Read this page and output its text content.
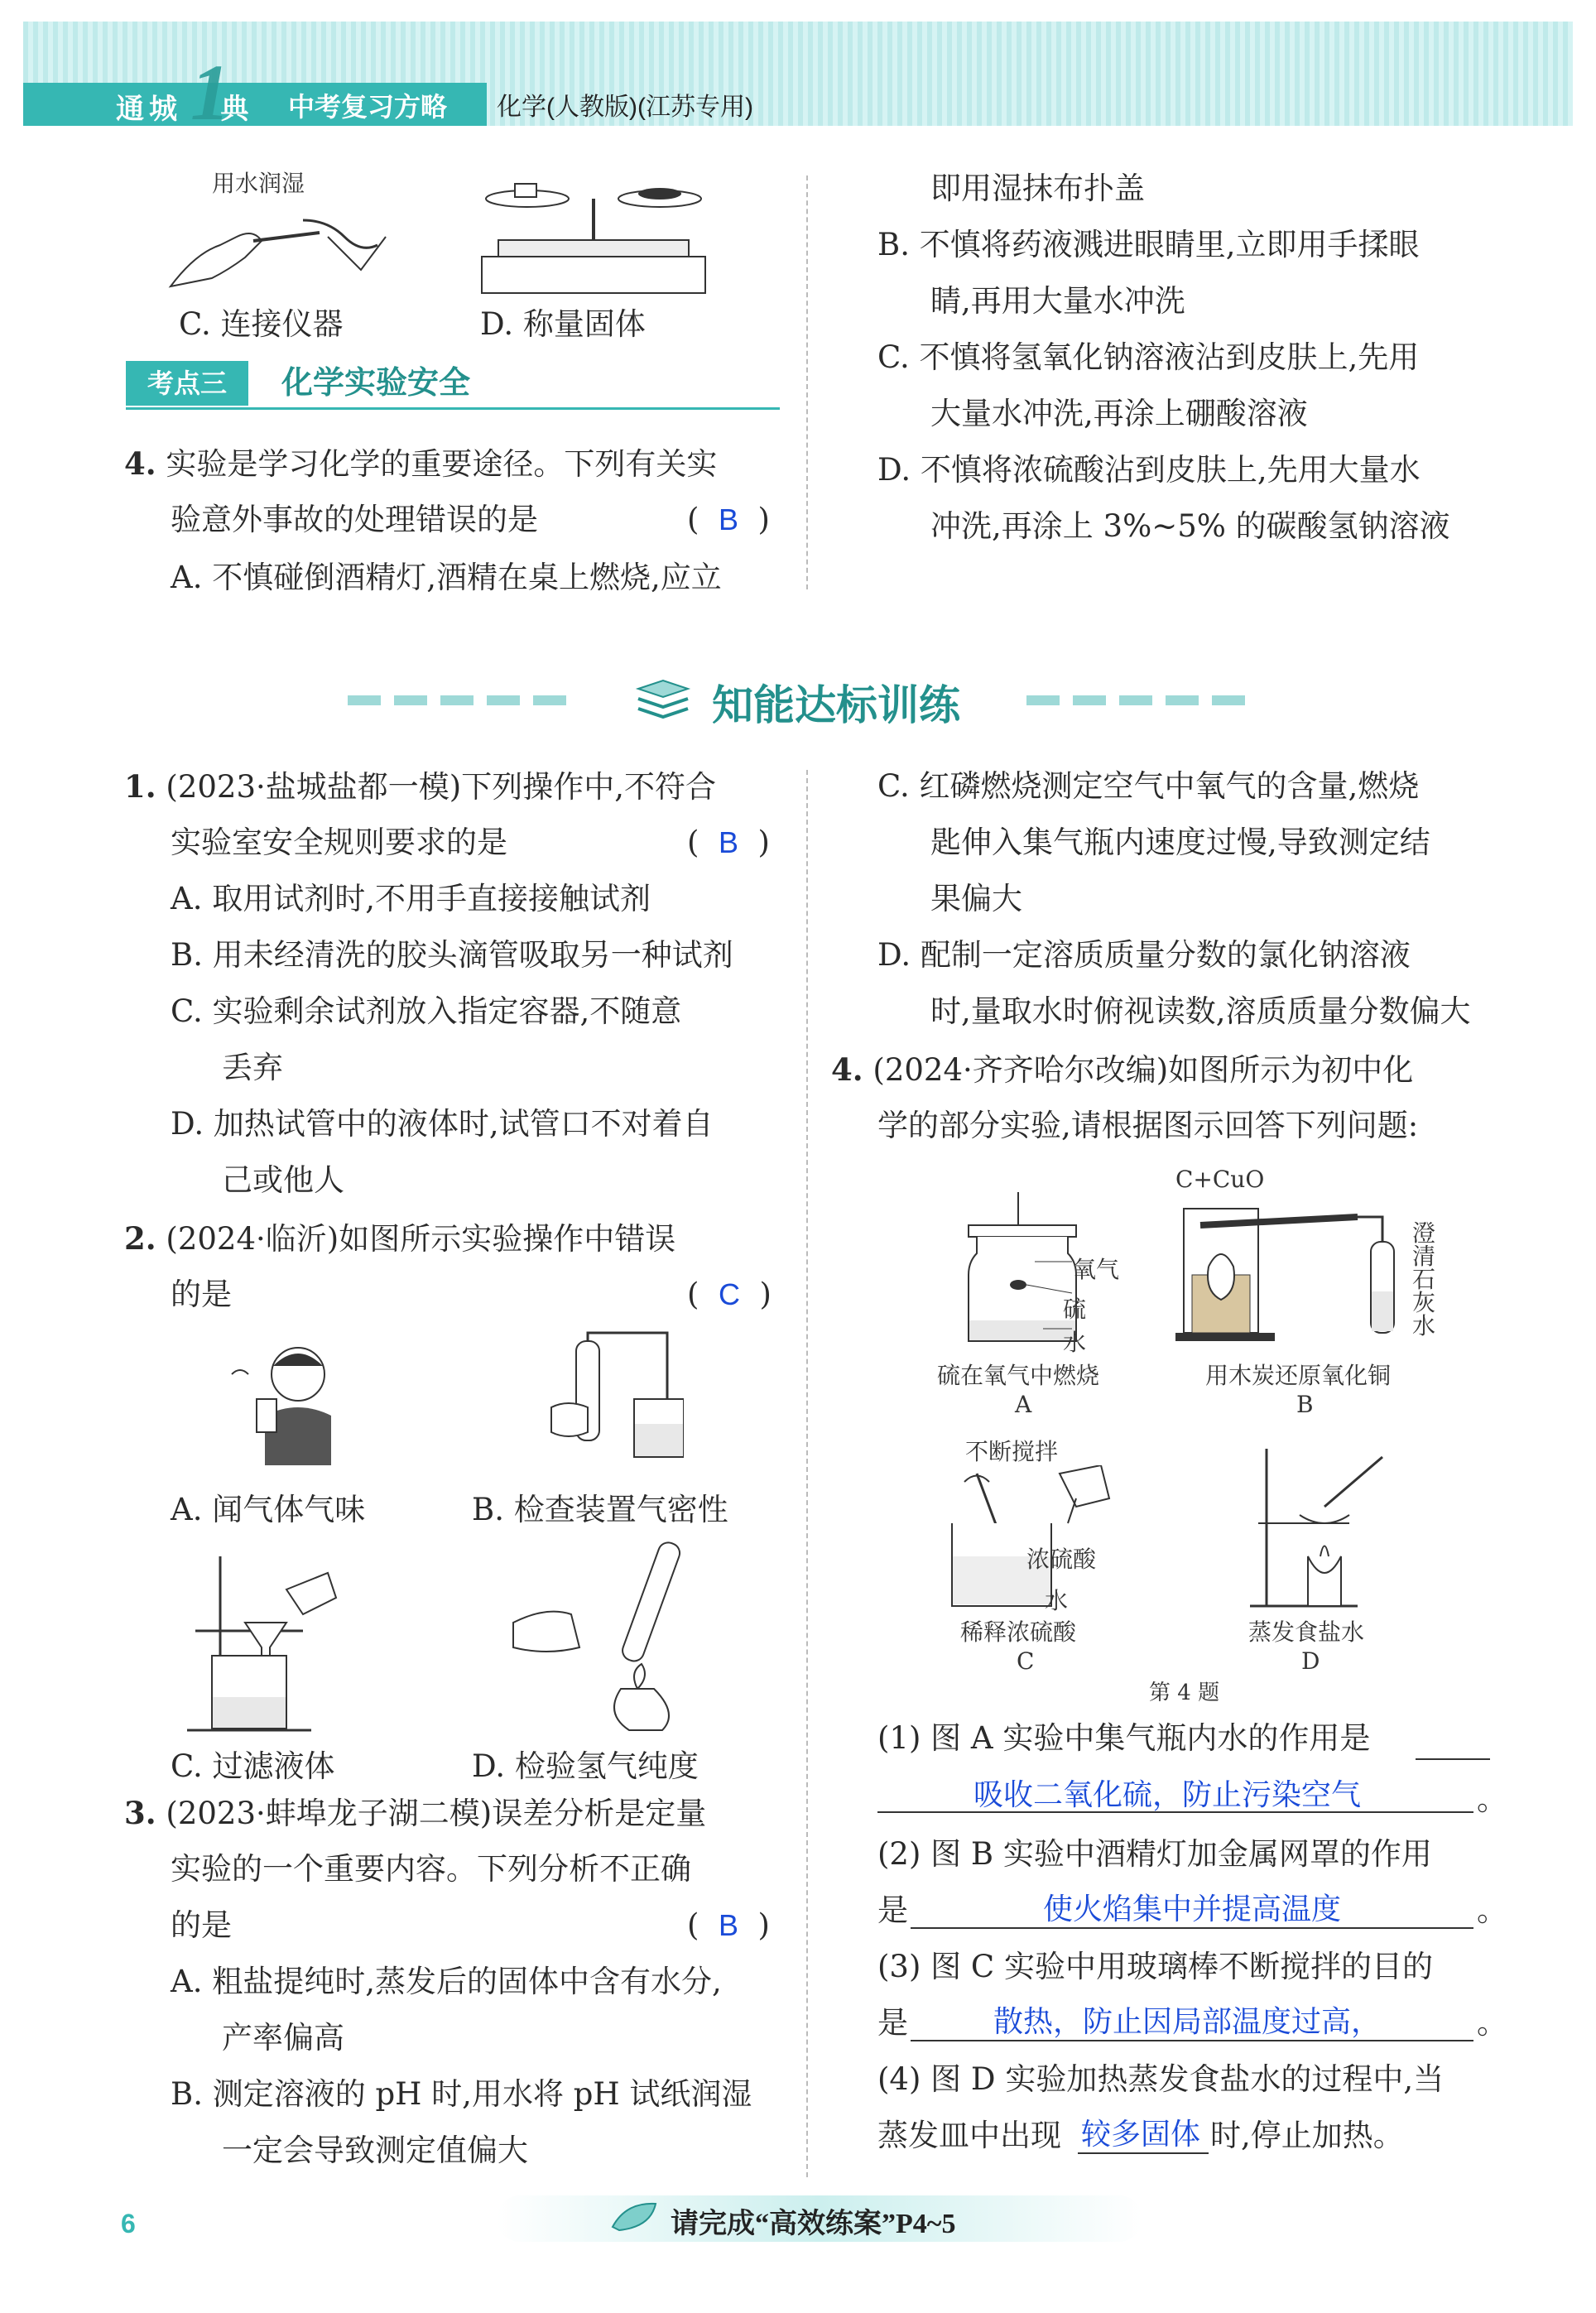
1
通城 典 中考复习方略 化学(人教版)(江苏专用)
用水润湿
C. 连接仪器	D. 称量固体
考点三	化学实验安全
4. 实验是学习化学的重要途径。下列有关实
验意外事故的处理错误的是	(  B  )
A. 不慎碰倒酒精灯,酒精在桌上燃烧,应立
即用湿抹布扑盖
B. 不慎将药液溅进眼睛里,立即用手揉眼
睛,再用大量水冲洗
C. 不慎将氢氧化钠溶液沾到皮肤上,先用
大量水冲洗,再涂上硼酸溶液
D. 不慎将浓硫酸沾到皮肤上,先用大量水
冲洗,再涂上 3%~5% 的碳酸氢钠溶液
知能达标训练
1. (2023·盐城盐都一模)下列操作中,不符合
实验室安全规则要求的是	(  B  )
A. 取用试剂时,不用手直接接触试剂
B. 用未经清洗的胶头滴管吸取另一种试剂
C. 实验剩余试剂放入指定容器,不随意
丢弃
D. 加热试管中的液体时,试管口不对着自
己或他人
2. (2024·临沂)如图所示实验操作中错误
的是	(  C  )
A. 闻气体气味	B. 检查装置气密性
C. 过滤液体	D. 检验氢气纯度
3. (2023·蚌埠龙子湖二模)误差分析是定量
实验的一个重要内容。下列分析不正确
的是	(  B  )
A. 粗盐提纯时,蒸发后的固体中含有水分,
产率偏高
B. 测定溶液的 pH 时,用水将 pH 试纸润湿
一定会导致测定值偏大
C. 红磷燃烧测定空气中氧气的含量,燃烧
匙伸入集气瓶内速度过慢,导致测定结
果偏大
D. 配制一定溶质质量分数的氯化钠溶液
时,量取水时俯视读数,溶质质量分数偏大
4. (2024·齐齐哈尔改编)如图所示为初中化
学的部分实验,请根据图示回答下列问题:
氧气
硫
水
硫在氧气中燃烧
A
C+CuO
澄清石灰水
用木炭还原氧化铜
B
不断搅拌
浓硫酸
水
稀释浓硫酸
C
蒸发食盐水
D
第 4 题
(1) 图 A 实验中集气瓶内水的作用是
吸收二氧化硫，防止污染空气	。
(2) 图 B 实验中酒精灯加金属网罩的作用
是	使火焰集中并提高温度	。
(3) 图 C 实验中用玻璃棒不断搅拌的目的
是	散热，防止因局部温度过高，	。
(4) 图 D 实验加热蒸发食盐水的过程中,当
蒸发皿中出现 较多固体 时,停止加热。
6	请完成“高效练案”P4~5
